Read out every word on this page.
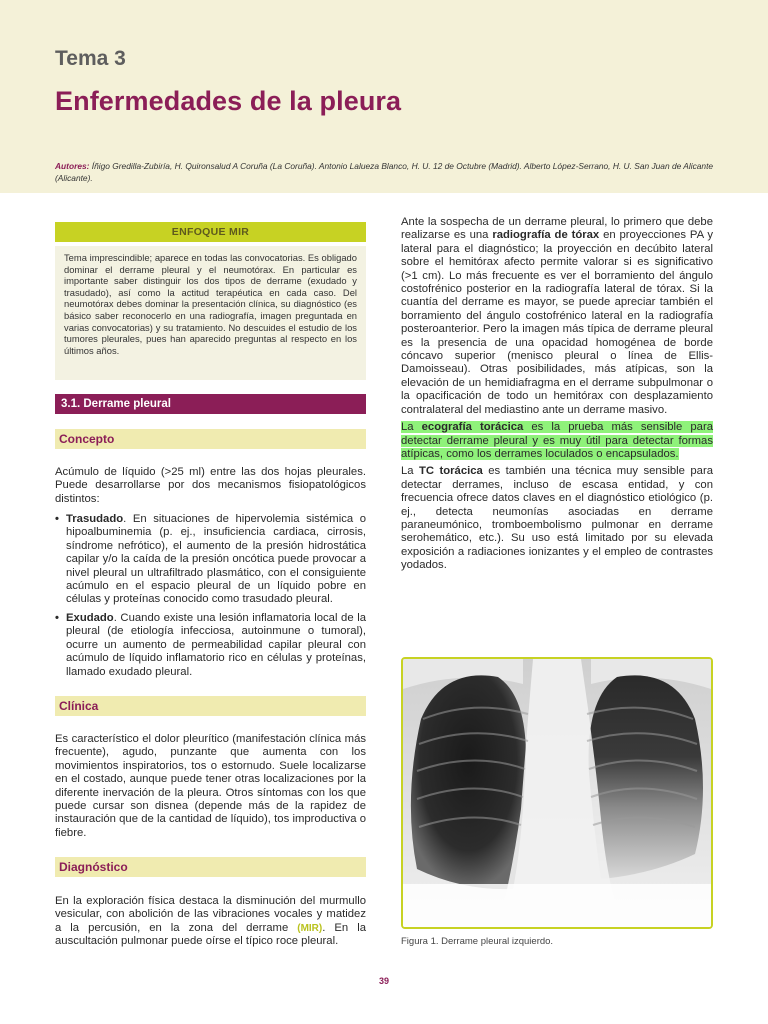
Tema 3
Enfermedades de la pleura
Autores: Íñigo Gredilla-Zubiría, H. Quironsalud A Coruña (La Coruña). Antonio Lalueza Blanco, H. U. 12 de Octubre (Madrid). Alberto López-Serrano, H. U. San Juan de Alicante (Alicante).
ENFOQUE MIR
Tema imprescindible; aparece en todas las convocatorias. Es obligado dominar el derrame pleural y el neumotórax. En particular es importante saber distinguir los dos tipos de derrame (exudado y trasudado), así como la actitud terapéutica en cada caso. Del neumotórax debes dominar la presentación clínica, su diagnóstico (es básico saber reconocerlo en una radiografía, imagen preguntada en varias convocatorias) y su tratamiento. No descuides el estudio de los tumores pleurales, pues han aparecido preguntas al respecto en los últimos años.
3.1. Derrame pleural
Concepto
Acúmulo de líquido (>25 ml) entre las dos hojas pleurales. Puede desarrollarse por dos mecanismos fisiopatológicos distintos:
• Trasudado. En situaciones de hipervolemia sistémica o hipoalbuminemia (p. ej., insuficiencia cardiaca, cirrosis, síndrome nefrótico), el aumento de la presión hidrostática capilar y/o la caída de la presión oncótica puede provocar a nivel pleural un ultrafiltrado plasmático, con el consiguiente acúmulo en el espacio pleural de un líquido pobre en células y proteínas conocido como trasudado pleural.
• Exudado. Cuando existe una lesión inflamatoria local de la pleural (de etiología infecciosa, autoinmune o tumoral), ocurre un aumento de permeabilidad capilar pleural con acúmulo de líquido inflamatorio rico en células y proteínas, llamado exudado pleural.
Clínica
Es característico el dolor pleurítico (manifestación clínica más frecuente), agudo, punzante que aumenta con los movimientos inspiratorios, tos o estornudo. Suele localizarse en el costado, aunque puede tener otras localizaciones por la diferente inervación de la pleura. Otros síntomas con los que puede cursar son disnea (depende más de la rapidez de instauración que de la cantidad de líquido), tos improductiva o fiebre.
Diagnóstico
En la exploración física destaca la disminución del murmullo vesicular, con abolición de las vibraciones vocales y matidez a la percusión, en la zona del derrame (MIR). En la auscultación pulmonar puede oírse el típico roce pleural.

Ante la sospecha de un derrame pleural, lo primero que debe realizarse es una radiografía de tórax en proyecciones PA y lateral para el diagnóstico; la proyección en decúbito lateral sobre el hemitórax afecto permite valorar si es significativo (>1 cm). Lo más frecuente es ver el borramiento del ángulo costofrénico posterior en la radiografía lateral de tórax. Si la cuantía del derrame es mayor, se puede apreciar también el borramiento del ángulo costofrénico lateral en la radiografía posteroanterior. Pero la imagen más típica de derrame pleural es la presencia de una opacidad homogénea de borde cóncavo superior (menisco pleural o línea de Ellis-Damoisseau). Otras posibilidades, más atípicas, son la elevación de un hemidiafragma en el derrame subpulmonar o la opacificación de todo un hemitórax con desplazamiento contralateral del mediastino ante un derrame masivo.

La ecografía torácica es la prueba más sensible para detectar derrame pleural y es muy útil para detectar formas atípicas, como los derrames loculados o encapsulados.

La TC torácica es también una técnica muy sensible para detectar derrames, incluso de escasa entidad, y con frecuencia ofrece datos claves en el diagnóstico etiológico (p. ej., detecta neumonías asociadas en derrame paraneumónico, tromboembolismo pulmonar en derrame serohemático, etc.). Su uso está limitado por su elevada exposición a radiaciones ionizantes y el empleo de contrastes yodados.

Figura 1. Derrame pleural izquierdo.
39
